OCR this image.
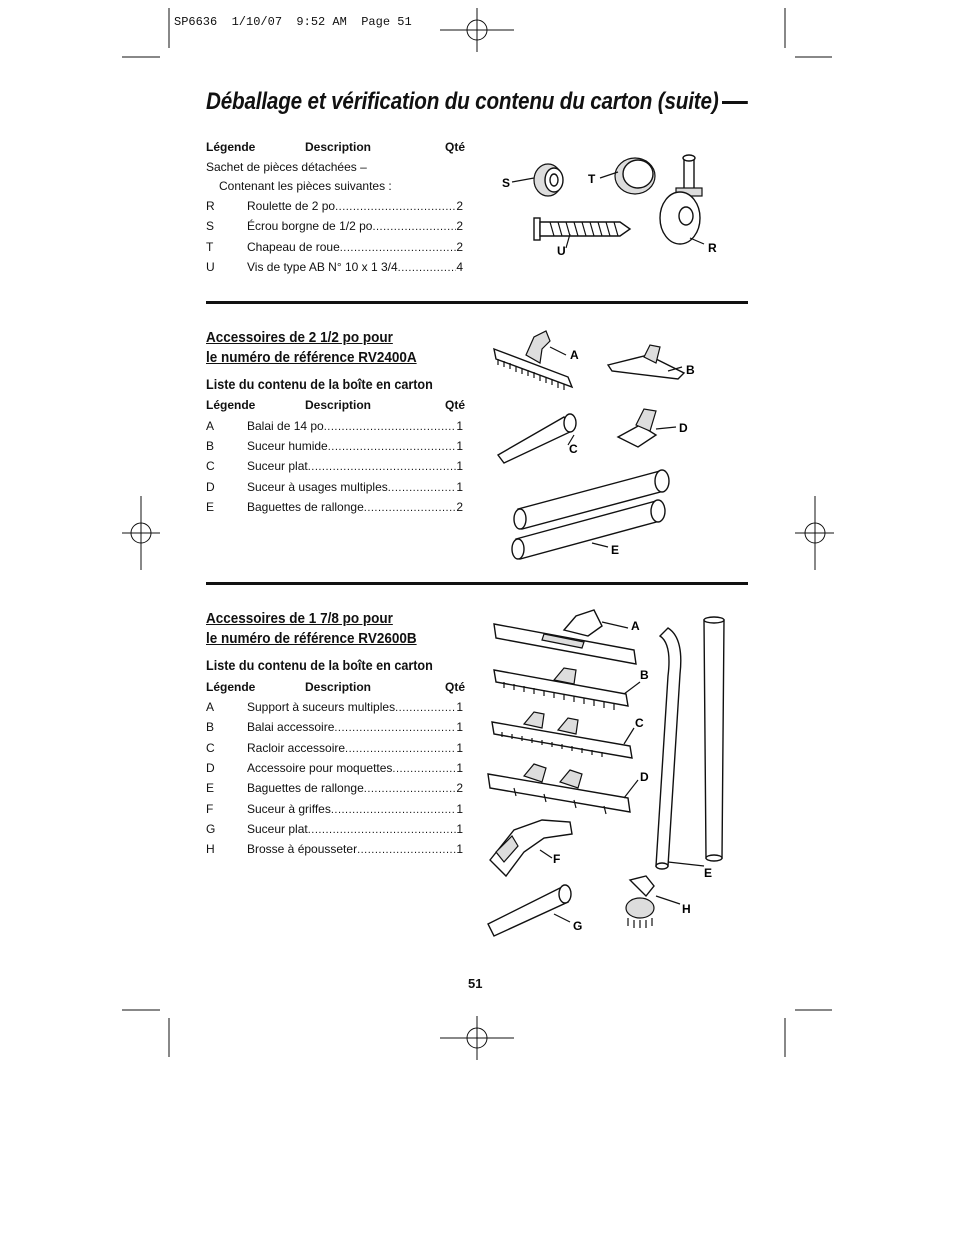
SP6636  1/10/07  9:52 AM  Page 51
Déballage et vérification du contenu du carton (suite)
Légende	Description	Qté
Sachet de pièces détachées –
Contenant les pièces suivantes :
R	Roulette de 2 po .....	2
S	Écrou borgne de 1/2 po .....	2
T	Chapeau de roue .....	2
U	Vis de type AB N° 10 x 1 3/4 .....	4
S	T
U	R
Accessoires de 2 1/2 po pour
le numéro de référence RV2400A
Liste du contenu de la boîte en carton
Légende	Description	Qté
A	Balai de 14 po .....	1
B	Suceur humide .....	1
C	Suceur plat .....	1
D	Suceur à usages multiples .....	1
E	Baguettes de rallonge .....	2
A
B
C
D
E
Accessoires de 1 7/8 po pour
le numéro de référence RV2600B
Liste du contenu de la boîte en carton
Légende	Description	Qté
A	Support à suceurs multiples .....	1
B	Balai accessoire .....	1
C	Racloir accessoire .....	1
D	Accessoire pour moquettes .....	1
E	Baguettes de rallonge .....	2
F	Suceur à griffes .....	1
G	Suceur plat .....	1
H	Brosse à épousseter .....	1
A
B
C
D
E
F
G
H
51
